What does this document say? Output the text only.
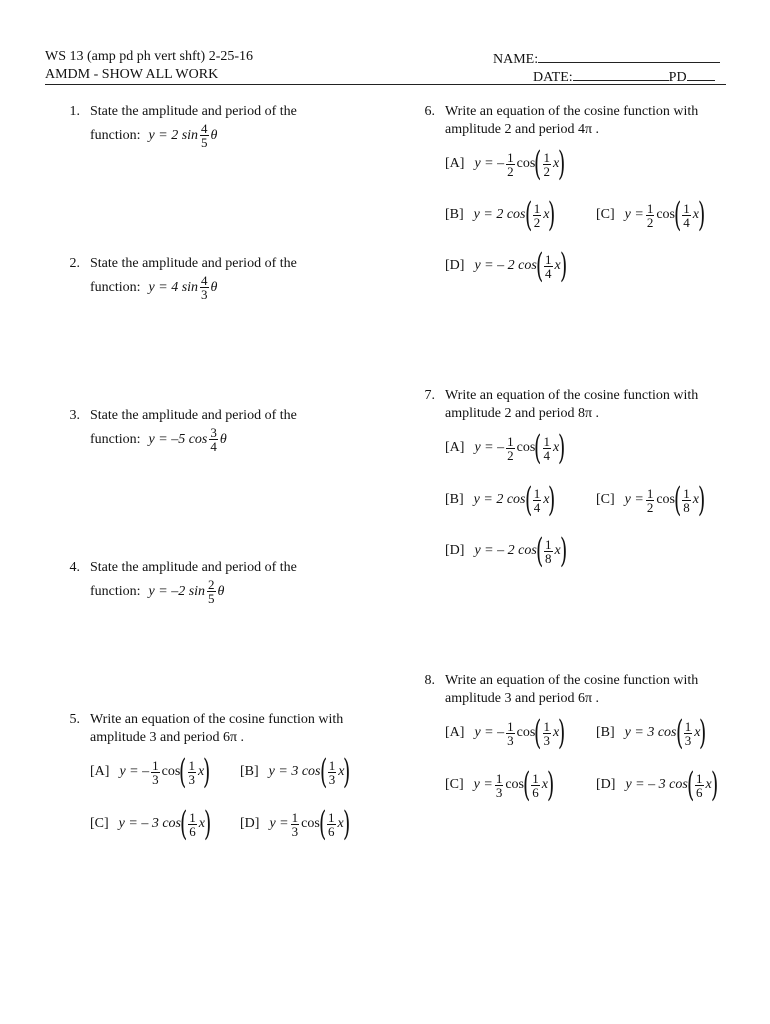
WS 13 (amp pd ph vert shft) 2-25-16
AMDM - SHOW ALL WORK
NAME:
DATE:	PD
1. State the amplitude and period of the
function: y = 2 $\sin \frac{4}{5}$ θ
2. State the amplitude and period of the
function: y = 4 $\sin \frac{4}{3}$ θ
3. State the amplitude and period of the
function: y = –5 $\cos \frac{3}{4}$ θ
4. State the amplitude and period of the
function: y = –2 $\sin \frac{2}{5}$ θ
5. Write an equation of the cosine function with
amplitude 3 and period 6π .
[A] y = – $\frac{1}{3}$ cos
( $\frac{1}{3}$ x
) [B] y = 3 cos
( $\frac{1}{3}$ x
)
[C] y = – 3 cos
( $\frac{1}{6}$ x
) [D] $y = \frac{1}{3}$ cos
( $\frac{1}{6}$ x
)
6. Write an equation of the cosine function with
amplitude 2 and period 4π .
[A] y = – $\frac{1}{2}$ cos
( $\frac{1}{2}$ x
)
[B] y = 2 cos
( $\frac{1}{2}$ x
)	[C] $y = \frac{1}{2}$ cos
( $\frac{1}{4}$ x
)
[D] y = – 2 cos
( $\frac{1}{4}$ x
)
7. Write an equation of the cosine function with
amplitude 2 and period 8π .
[A] y = – $\frac{1}{2}$ cos
( $\frac{1}{4}$ x
)
[B] y = 2 cos
( $\frac{1}{4}$ x
)	[C] $y = \frac{1}{2}$ cos
( $\frac{1}{8}$ x
)
[D] y = – 2 cos
( $\frac{1}{8}$ x
)
8. Write an equation of the cosine function with
amplitude 3 and period 6π .
[A] y = – $\frac{1}{3}$ cos
( $\frac{1}{3}$ x
) [B] y = 3 cos
( $\frac{1}{3}$ x
)
[C] $y = \frac{1}{3}$ cos
( $\frac{1}{6}$ x
)	[D] y = – 3 cos
( $\frac{1}{6}$ x
)
